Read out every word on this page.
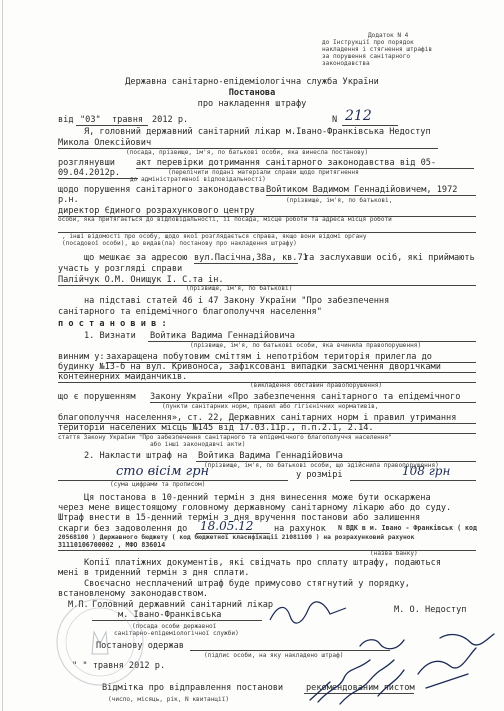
Додаток N 4
до Інструкції про порядок
накладення і стягнення штрафів
за порушення санітарного
законодавства
Державна санітарно-епідеміологічна служба України
Постанова
про накладення штрафу
від "03" травня 2012 р.	N 212
Я, головний державний санітарний лікар м.Івано-Франківська Недоступ
Микола Олексійович
(посада, прізвище, ім'я, по батькові особи, яка винесла постанову)
розглянувши акт перевірки дотримання санітарного законодавства від 05-
09.04.2012р.	(перелічити подані матеріали справи щодо притягнення
до адміністративної відповідальності)
щодо порушення санітарного законодавства Войтиком Вадимом Геннадійовичем, 1972
р.н.	(прізвище, ім'я, по батькові,
директор Єдиного розрахункового центру
особи, яка притягається до відповідальності, її посада, місце роботи та адреса місця роботи
, інші відомості про особу, щодо якої розглядається справа, якщо вони відомі органу
(посадової особи), що видав(ла) постанову про накладення штрафу)
що мешкає за адресою вул.Пасічна,38а, кв.71
та заслухавши осіб, які приймають
участь у розгляді справи
Палійчук О.М. Онищук І. С.та ін.
(прізвище, ім'я, по батькові)
на підставі статей 46 і 47 Закону України "Про забезпечення
санітарного та епідемічного благополуччя населення"
п о с т а н о в и в :
1. Визнати Войтика Вадима Геннадійовича
(прізвище, ім'я, по батькові особи, яка вчинила правопорушення)
винним у: захаращена побутовим сміттям і непотрібом територія прилегла до
будинку №13-б на вул. Кривоноса, зафіксовані випадки засмічення дворічками
контейнерних майданчиків.
(викладення обставин правопорушення)
що є порушенням Закону України «Про забезпечення санітарного та епідемічного
(пункти санітарних норм, правил або гігієнічних нормативів,
благополуччя населення», ст. 22, Державних санітарних норм і правил утримання
територій населених місць №145 від 17.03.11р., п.п.2.1, 2.14.
стаття Закону України "Про забезпечення санітарного та епідемічного благополуччя населення"
або інші законодавчі акти)
2. Накласти штраф на Войтика Вадима Геннадійовича
(прізвище, ім'я, по батькові особи, що здійснила правопорушення)
сто вісім грн	у розмірі	108 грн
(сума цифрами та прописом)
Ця постанова в 10-денний термін з дня винесення може бути оскаржена
через менe вищестоящому головному державному санітарному лікарю або до суду.
Штраф внести в 15-денний термін з дня вручення постанови або залишення
скарги без задоволення до 18.05.12 на рахунок N ВДК в м. Івано - Франківськ ( код
20568100 ) Державного бюджету ( код бюджетної класифікації 21081100 ) на розрахунковий рахунок
31110106700002 , МФО 836014
(назва банку)
Копії платіжних документів, які свідчать про сплату штрафу, подаються
мені в триденний термін з дня сплати.
Своєчасно несплачений штраф буде примусово стягнутий у порядку,
встановленому законодавством.
М.П. Головний державний санітарний лікар
м. Івано-Франківська	М. О. Недоступ
(посада особи державної
санітарно-епідеміологічної служби)
Постанову одержав
(підпис особи, на яку накладено штраф)
" " травня 2012 р.
Відмітка про відправлення постанови	рекомендованим листом
(число, місяць, рік, N квитанції)
